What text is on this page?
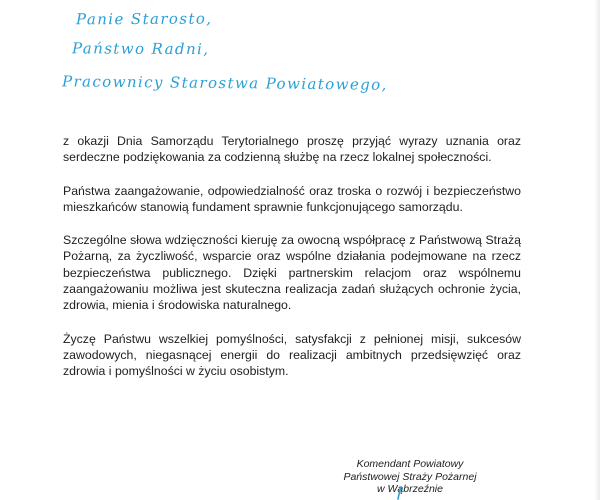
Panie Starosto,
Państwo Radni,
Pracownicy Starostwa Powiatowego,

z okazji Dnia Samorządu Terytorialnego proszę przyjąć wyrazy uznania oraz serdeczne podziękowania za codzienną służbę na rzecz lokalnej społeczności.

Państwa zaangażowanie, odpowiedzialność oraz troska o rozwój i bezpieczeństwo mieszkańców stanowią fundament sprawnie funkcjonującego samorządu.

Szczególne słowa wdzięczności kieruję za owocną współpracę z Państwową Strażą Pożarną, za życzliwość, wsparcie oraz wspólne działania podejmowane na rzecz bezpieczeństwa publicznego. Dzięki partnerskim relacjom oraz wspólnemu zaangażowaniu możliwa jest skuteczna realizacja zadań służących ochronie życia, zdrowia, mienia i środowiska naturalnego.

Życzę Państwu wszelkiej pomyślności, satysfakcji z pełnionej misji, sukcesów zawodowych, niegasnącej energii do realizacji ambitnych przedsięwzięć oraz zdrowia i pomyślności w życiu osobistym.

Komendant Powiatowy
Państwowej Straży Pożarnej
w Wąbrzeźnie
